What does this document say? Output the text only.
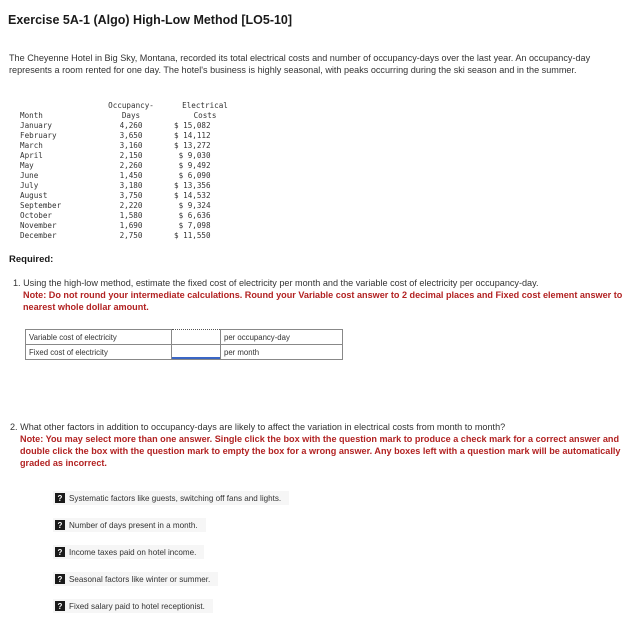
Exercise 5A-1 (Algo) High-Low Method [LO5-10]
The Cheyenne Hotel in Big Sky, Montana, recorded its total electrical costs and number of occupancy-days over the last year. An occupancy-day represents a room rented for one day. The hotel's business is highly seasonal, with peaks occurring during the ski season and in the summer.
Occupancy-	Electrical
Month	Days	Costs
January	4,260	$ 15,082
February	3,650	$ 14,112
March	3,160	$ 13,272
April	2,150	$ 9,030
May	2,260	$ 9,492
June	1,450	$ 6,090
July	3,180	$ 13,356
August	3,750	$ 14,532
September	2,220	$ 9,324
October	1,580	$ 6,636
November	1,690	$ 7,098
December	2,750	$ 11,550
Required:
1. Using the high-low method, estimate the fixed cost of electricity per month and the variable cost of electricity per occupancy-day.
Note: Do not round your intermediate calculations. Round your Variable cost answer to 2 decimal places and Fixed cost element answer to nearest whole dollar amount.
Variable cost of electricity		per occupancy-day
Fixed cost of electricity		per month
2. What other factors in addition to occupancy-days are likely to affect the variation in electrical costs from month to month?
Note: You may select more than one answer. Single click the box with the question mark to produce a check mark for a correct answer and double click the box with the question mark to empty the box for a wrong answer. Any boxes left with a question mark will be automatically graded as incorrect.
? Systematic factors like guests, switching off fans and lights.
? Number of days present in a month.
? Income taxes paid on hotel income.
? Seasonal factors like winter or summer.
? Fixed salary paid to hotel receptionist.
